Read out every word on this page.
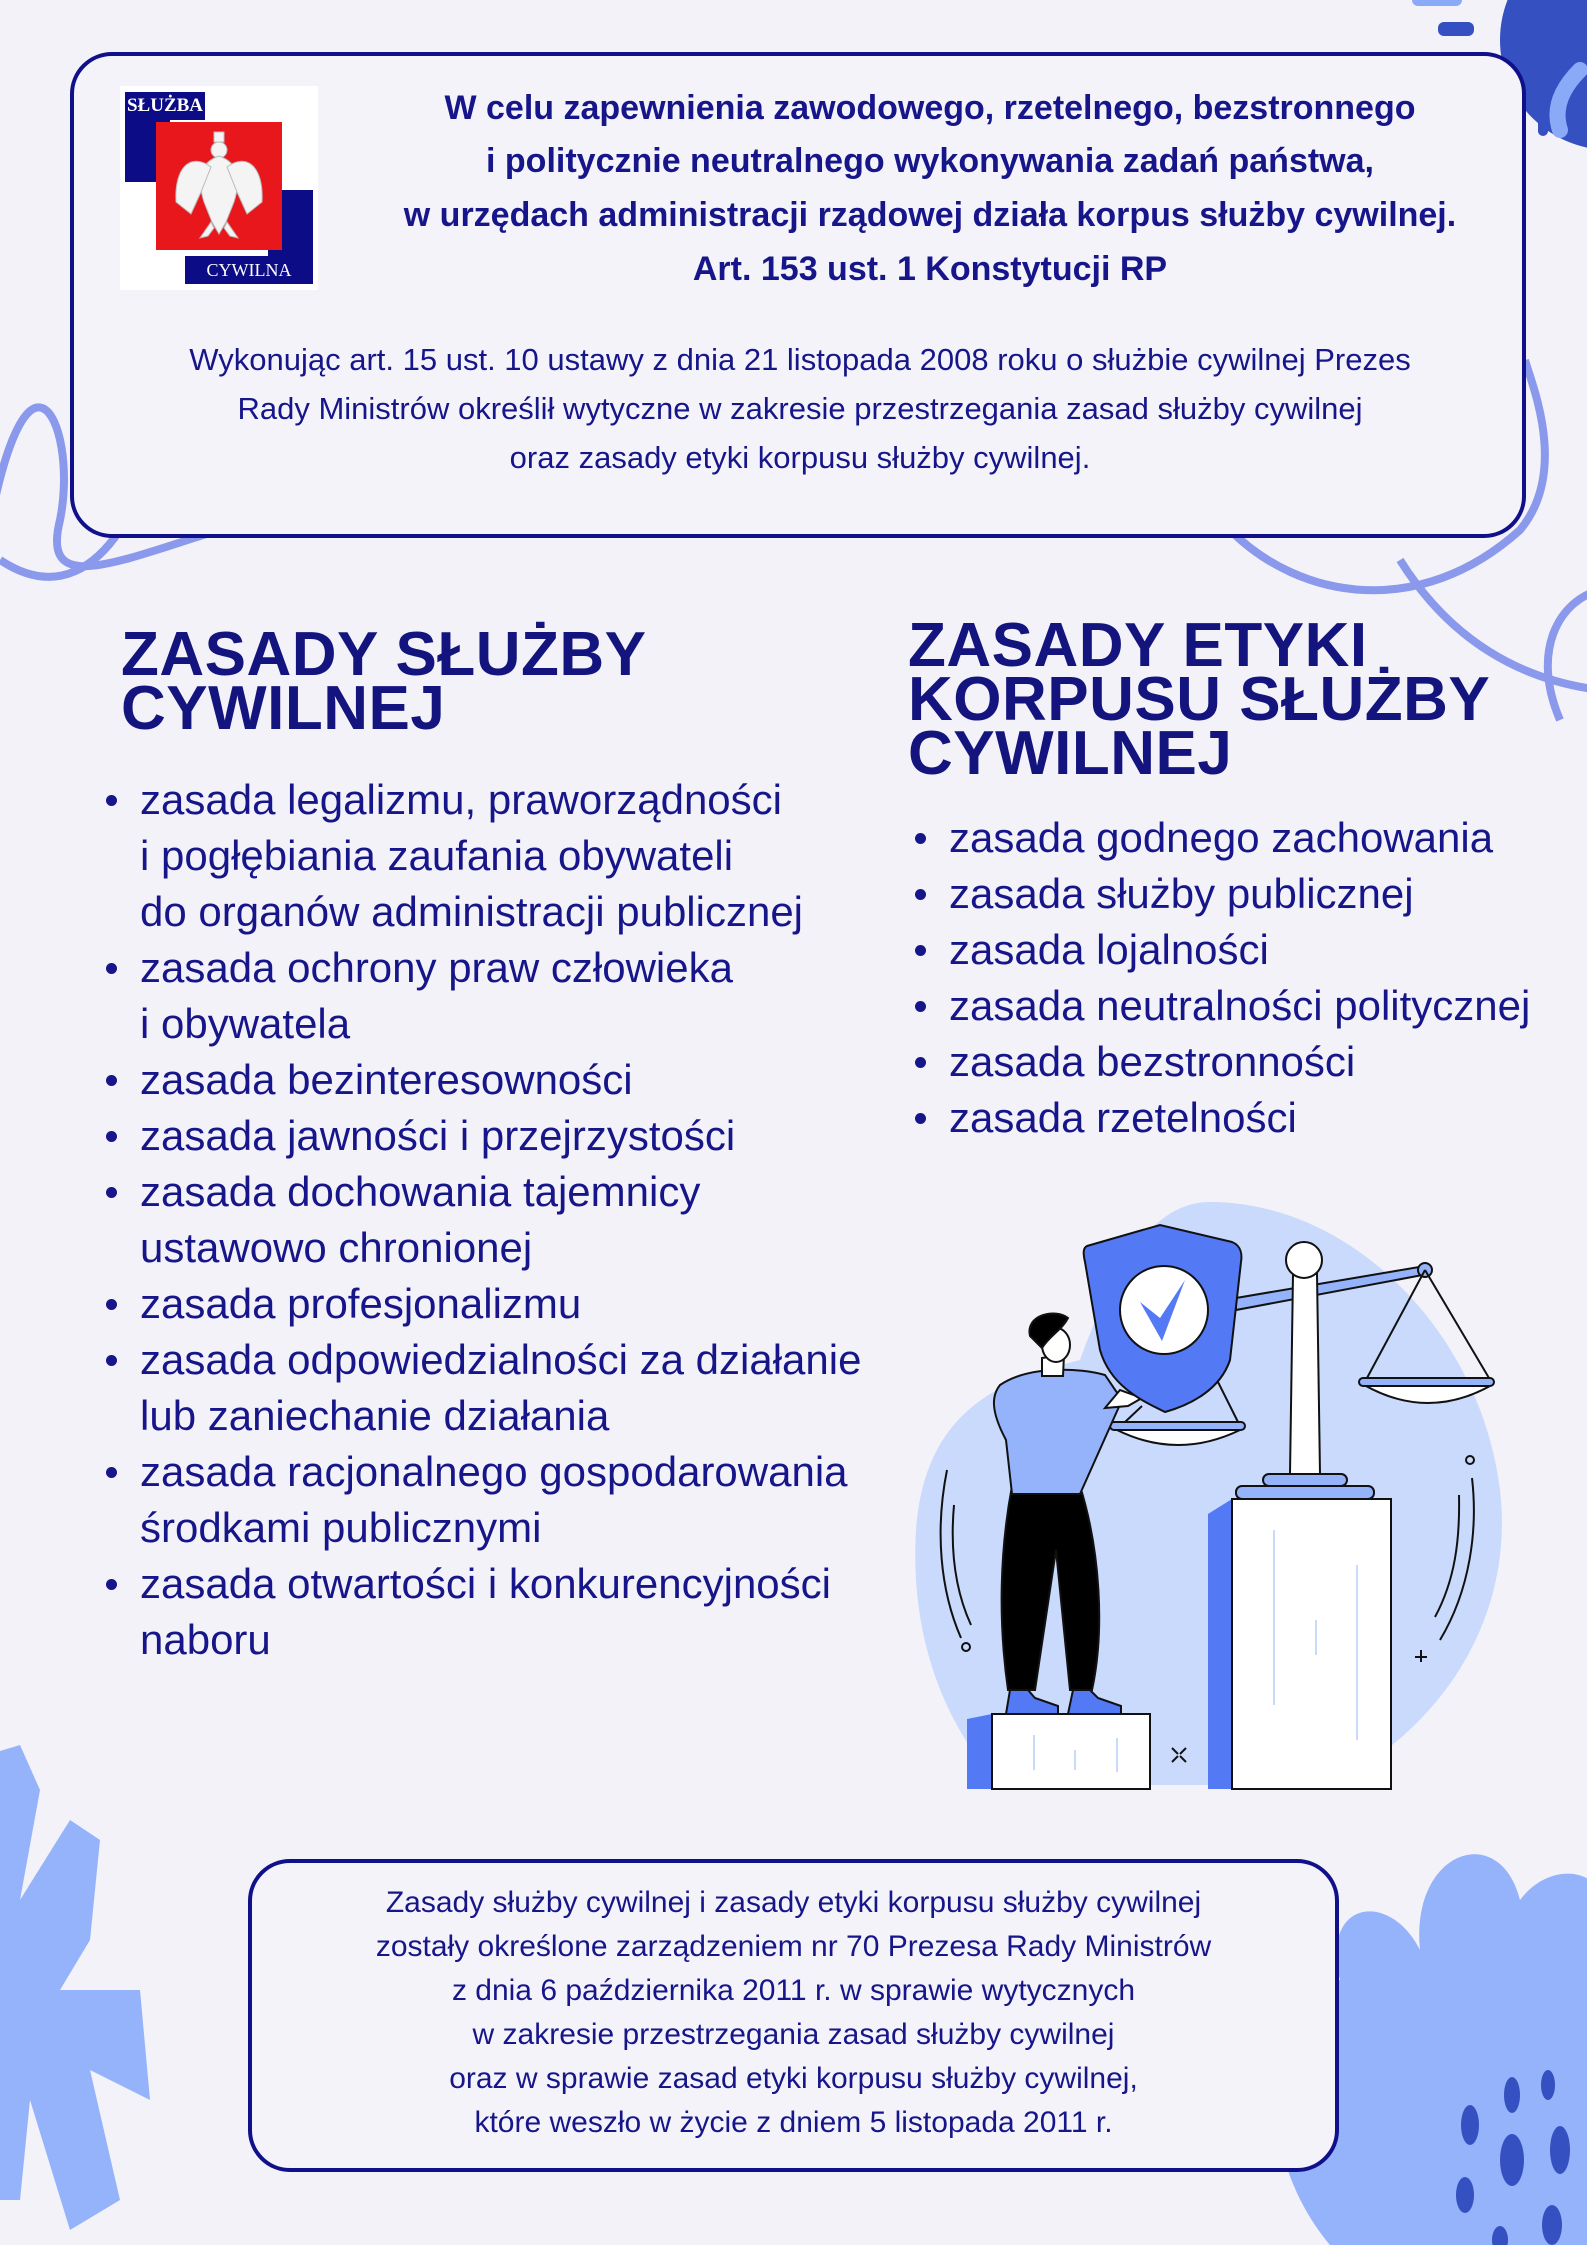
SŁUŻBA
CYWILNA
W celu zapewnienia zawodowego, rzetelnego, bezstronnego
i politycznie neutralnego wykonywania zadań państwa,
w urzędach administracji rządowej działa korpus służby cywilnej.
Art. 153 ust. 1 Konstytucji RP
Wykonując art. 15 ust. 10 ustawy z dnia 21 listopada 2008 roku o służbie cywilnej Prezes
Rady Ministrów określił wytyczne w zakresie przestrzegania zasad służby cywilnej
oraz zasady etyki korpusu służby cywilnej.
ZASADY SŁUŻBY
CYWILNEJ
zasada legalizmu, praworządności
i pogłębiania zaufania obywateli
do organów administracji publicznej
zasada ochrony praw człowieka
i obywatela
zasada bezinteresowności
zasada jawności i przejrzystości
zasada dochowania tajemnicy
ustawowo chronionej
zasada profesjonalizmu
zasada odpowiedzialności za działanie
lub zaniechanie działania
zasada racjonalnego gospodarowania
środkami publicznymi
zasada otwartości i konkurencyjności
naboru
ZASADY ETYKI
KORPUSU SŁUŻBY
CYWILNEJ
zasada godnego zachowania
zasada służby publicznej
zasada lojalności
zasada neutralności politycznej
zasada bezstronności
zasada rzetelności
Zasady służby cywilnej i zasady etyki korpusu służby cywilnej
zostały określone zarządzeniem nr 70 Prezesa Rady Ministrów
z dnia 6 października 2011 r. w sprawie wytycznych
w zakresie przestrzegania zasad służby cywilnej
oraz w sprawie zasad etyki korpusu służby cywilnej,
które weszło w życie z dniem 5 listopada 2011 r.
